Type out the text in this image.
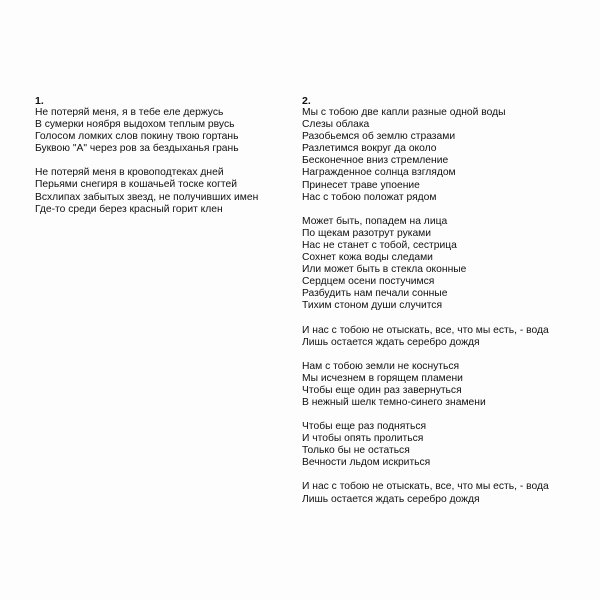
1.
Не потеряй меня, я в тебе еле держусь
В сумерки ноября выдохом теплым рвусь
Голосом ломких слов покину твою гортань
Буквою "А" через ров за бездыханья грань
Не потеряй меня в кровоподтеках дней
Перьями снегиря в кошачьей тоске когтей
Всхлипах забытых звезд, не получивших имен
Где-то среди берез красный горит клен
2.
Мы с тобою две капли разные одной воды
Слезы облака
Разобьемся об землю стразами
Разлетимся вокруг да около
Бесконечное вниз стремление
Награжденное солнца взглядом
Принесет траве упоение
Нас с тобою положат рядом
Может быть, попадем на лица
По щекам разотрут руками
Нас не станет с тобой, сестрица
Сохнет кожа воды следами
Или может быть в стекла оконные
Сердцем осени постучимся
Разбудить нам печали сонные
Тихим стоном души случится
И нас с тобою не отыскать, все, что мы есть, - вода
Лишь остается ждать серебро дождя
Нам с тобою земли не коснуться
Мы исчезнем в горящем пламени
Чтобы еще один раз завернуться
В нежный шелк темно-синего знамени
Чтобы еще раз подняться
И чтобы опять пролиться
Только бы не остаться
Вечности льдом искриться
И нас с тобою не отыскать, все, что мы есть, - вода
Лишь остается ждать серебро дождя
